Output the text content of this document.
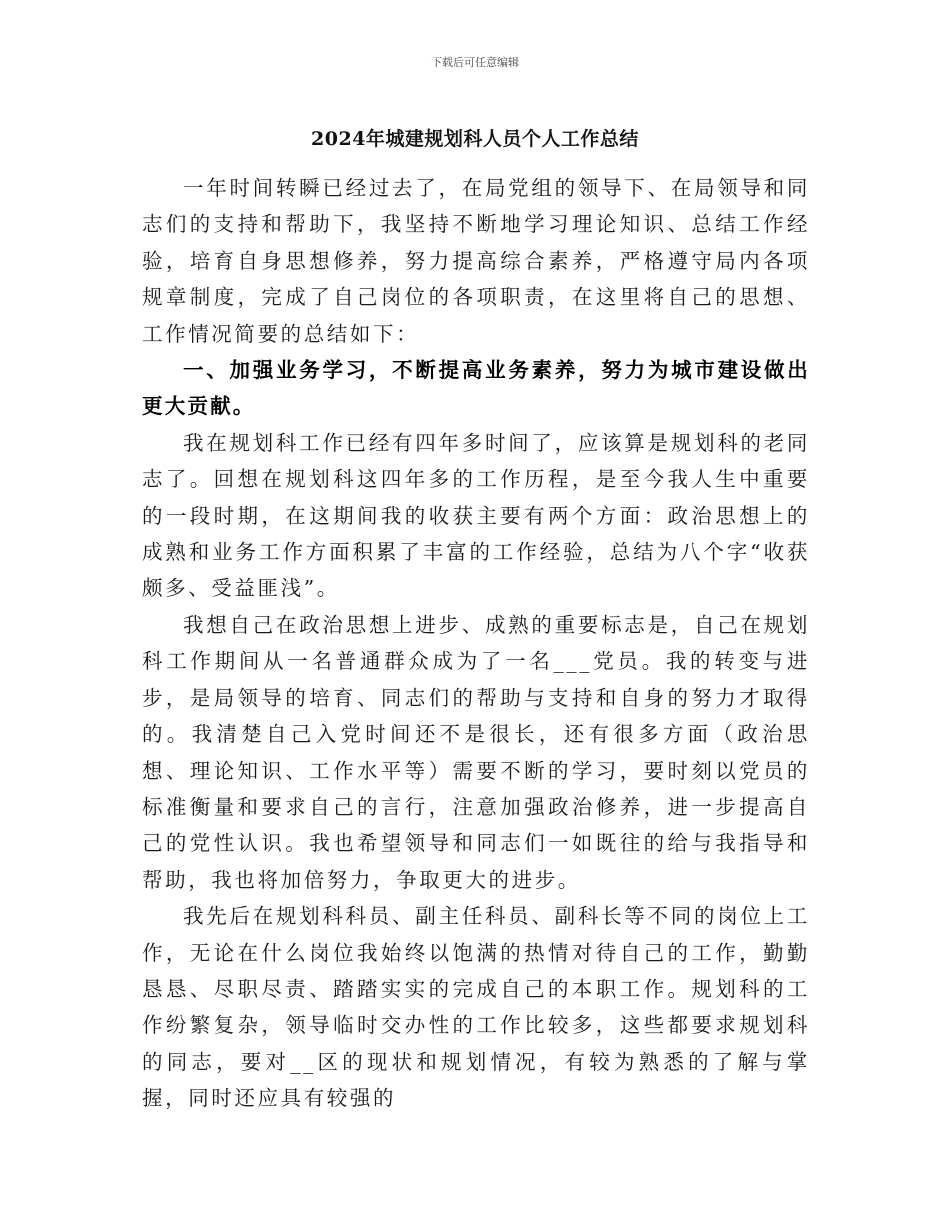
下载后可任意编辑
2024年城建规划科人员个人工作总结

一年时间转瞬已经过去了，在局党组的领导下、在局领导和同志们的支持和帮助下，我坚持不断地学习理论知识、总结工作经验，培育自身思想修养，努力提高综合素养，严格遵守局内各项规章制度，完成了自己岗位的各项职责，在这里将自己的思想、工作情况简要的总结如下：

一、加强业务学习，不断提高业务素养，努力为城市建设做出更大贡献。

我在规划科工作已经有四年多时间了，应该算是规划科的老同志了。回想在规划科这四年多的工作历程，是至今我人生中重要的一段时期，在这期间我的收获主要有两个方面：政治思想上的成熟和业务工作方面积累了丰富的工作经验，总结为八个字“收获颇多、受益匪浅”。

我想自己在政治思想上进步、成熟的重要标志是，自己在规划科工作期间从一名普通群众成为了一名___党员。我的转变与进步，是局领导的培育、同志们的帮助与支持和自身的努力才取得的。我清楚自己入党时间还不是很长，还有很多方面（政治思想、理论知识、工作水平等）需要不断的学习，要时刻以党员的标准衡量和要求自己的言行，注意加强政治修养，进一步提高自己的党性认识。我也希望领导和同志们一如既往的给与我指导和帮助，我也将加倍努力，争取更大的进步。

我先后在规划科科员、副主任科员、副科长等不同的岗位上工作，无论在什么岗位我始终以饱满的热情对待自己的工作，勤勤恳恳、尽职尽责、踏踏实实的完成自己的本职工作。规划科的工作纷繁复杂，领导临时交办性的工作比较多，这些都要求规划科的同志，要对__区的现状和规划情况，有较为熟悉的了解与掌握，同时还应具有较强的
